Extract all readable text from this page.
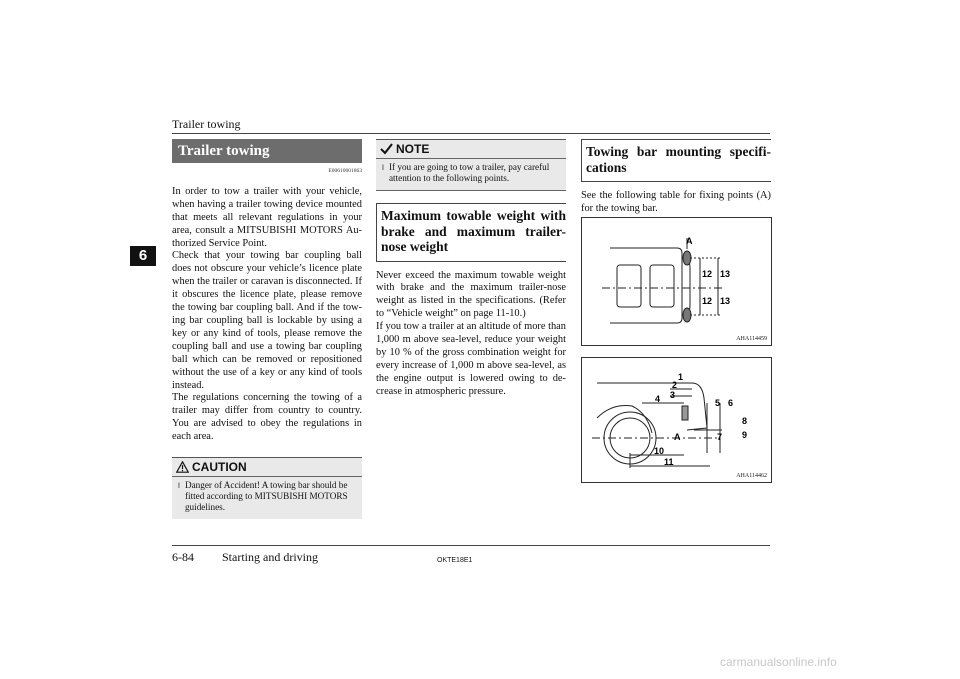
Trailer towing
6
Trailer towing
E00610001863

In order to tow a trailer with your vehicle, when having a trailer towing device mounted that meets all relevant regulations in your area, consult a MITSUBISHI MOTORS Au-thorized Service Point.

Check that your towing bar coupling ball does not obscure your vehicle’s licence plate when the trailer or caravan is disconnected. If it obscures the licence plate, please remove the towing bar coupling ball. And if the tow-ing bar coupling ball is lockable by using a key or any kind of tools, please remove the coupling ball and use a towing bar coupling ball which can be removed or repositioned without the use of a key or any kind of tools instead.

The regulations concerning the towing of a trailer may differ from country to country. You are advised to obey the regulations in each area.

CAUTION
l Danger of Accident! A towing bar should be fitted according to MITSUBISHI MOTORS guidelines.
NOTE
l If you are going to tow a trailer, pay careful attention to the following points.
Maximum towable weight with brake and maximum trailer-nose weight

Never exceed the maximum towable weight with brake and the maximum trailer-nose weight as listed in the specifications. (Refer to “Vehicle weight” on page 11-10.)

If you tow a trailer at an altitude of more than 1,000 m above sea-level, reduce your weight by 10 % of the gross combination weight for every increase of 1,000 m above sea-level, as the engine output is lowered owing to de-crease in atmospheric pressure.

Towing bar mounting specifi-cations

See the following table for fixing points (A) for the towing bar.

A
12 13
12 13
AHA114459
1
2
3
4	5 6
7
8
9
10
11
A
AHA114462
6-84 Starting and driving	OKTE18E1
carmanualsonline.info
